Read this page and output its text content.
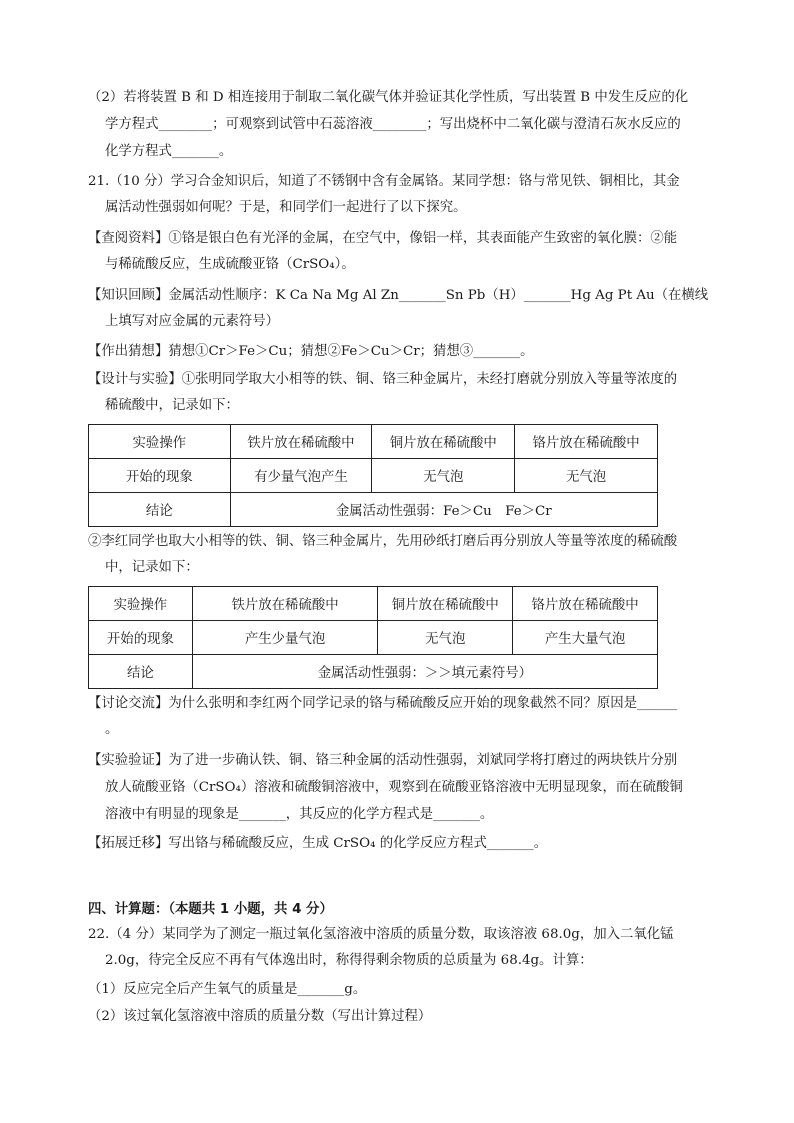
（2）若将装置 B 和 D 相连接用于制取二氧化碳气体并验证其化学性质，写出装置 B 中发生反应的化
学方程式________；可观察到试管中石蕊溶液________；写出烧杯中二氧化碳与澄清石灰水反应的
化学方程式_______。
21.（10 分）学习合金知识后，知道了不锈钢中含有金属铬。某同学想：铬与常见铁、铜相比，其金
属活动性强弱如何呢？于是，和同学们一起进行了以下探究。
【查阅资料】①铬是银白色有光泽的金属，在空气中，像铝一样，其表面能产生致密的氧化膜：②能
与稀硫酸反应，生成硫酸亚铬（CrSO₄）。
【知识回顾】金属活动性顺序：K Ca Na Mg Al Zn_______Sn Pb（H）_______Hg Ag Pt Au（在横线
上填写对应金属的元素符号）
【作出猜想】猜想①Cr＞Fe＞Cu；猜想②Fe＞Cu＞Cr；猜想③_______。
【设计与实验】①张明同学取大小相等的铁、铜、铬三种金属片，未经打磨就分别放入等量等浓度的
稀硫酸中，记录如下：
实验操作	铁片放在稀硫酸中	铜片放在稀硫酸中	铬片放在稀硫酸中
开始的现象	有少量气泡产生	无气泡	无气泡
结论	金属活动性强弱：Fe＞Cu　Fe＞Cr		
②李红同学也取大小相等的铁、铜、铬三种金属片，先用砂纸打磨后再分别放人等量等浓度的稀硫酸
中，记录如下：
实验操作	铁片放在稀硫酸中	铜片放在稀硫酸中	铬片放在稀硫酸中
开始的现象	产生少量气泡	无气泡	产生大量气泡
结论	金属活动性强弱：＞＞填元素符号）		
【讨论交流】为什么张明和李红两个同学记录的铬与稀硫酸反应开始的现象截然不同？原因是______
。
【实验验证】为了进一步确认铁、铜、铬三种金属的活动性强弱，刘斌同学将打磨过的两块铁片分别
放人硫酸亚铬（CrSO₄）溶液和硫酸铜溶液中，观察到在硫酸亚铬溶液中无明显现象，而在硫酸铜
溶液中有明显的现象是_______，其反应的化学方程式是_______。
【拓展迁移】写出铬与稀硫酸反应，生成 CrSO₄ 的化学反应方程式_______。
四、计算题：（本题共 1 小题，共 4 分）
22.（4 分）某同学为了测定一瓶过氧化氢溶液中溶质的质量分数，取该溶液 68.0g，加入二氧化锰
2.0g，待完全反应不再有气体逸出时，称得得剩余物质的总质量为 68.4g。计算：
（1）反应完全后产生氧气的质量是_______g。
（2）该过氧化氢溶液中溶质的质量分数（写出计算过程）
